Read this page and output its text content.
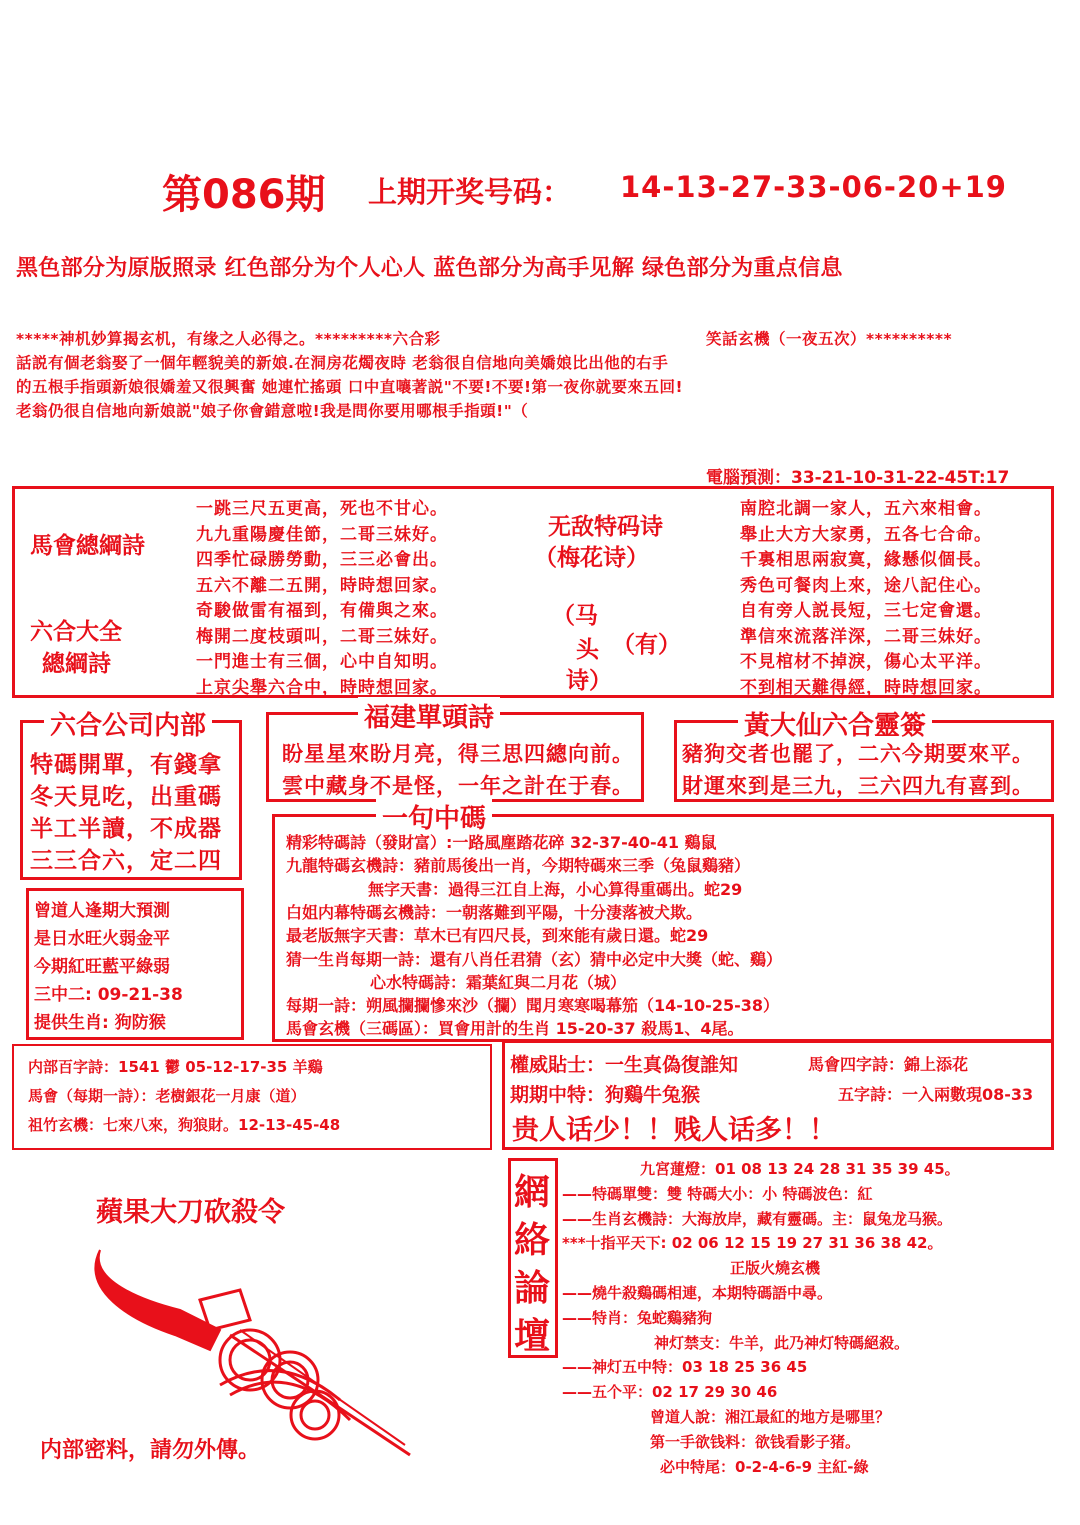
第086期 上期开奖号码： 14-13-27-33-06-20+19
黑色部分为原版照录 红色部分为个人心人 蓝色部分为高手见解 绿色部分为重点信息
*****神机妙算揭玄机，有缘之人必得之。*********六合彩	笑話玄機（一夜五次）**********
話説有個老翁娶了一個年輕貌美的新娘.在洞房花燭夜時 老翁很自信地向美嬌娘比出他的右手
的五根手指頭新娘很嬌羞又很興奮 她連忙搖頭 口中直嚷著説"不要!不要!第一夜你就要來五回!
老翁仍很自信地向新娘説"娘子你會錯意啦!我是問你要用哪根手指頭!"（
電腦預測：33-21-10-31-22-45T:17
馬會總綱詩
六合大全
總綱詩
一跳三尺五更高，死也不甘心。
九九重陽慶佳節，二哥三妹好。
四季忙碌勝勞動，三三必會出。
五六不離二五開，時時想回家。
奇駿做雷有福到，有備與之來。
梅開二度枝頭叫，二哥三妹好。
一門進士有三個，心中自知明。
上京尖舉六合中，時時想回家。
无敌特码诗
（梅花诗）
（马
头
诗）
（有）
南腔北調一家人，五六來相會。
舉止大方大家勇，五各七合命。
千裏相思兩寂寞，緣懸似個長。
秀色可餐肉上來，途八記住心。
自有旁人説長短，三七定會還。
準信來流落洋深，二哥三妹好。
不見棺材不掉淚，傷心太平洋。
不到相天難得經，時時想回家。
六合公司内部
特碼開單，有錢拿
冬天見吃，出重碼
半工半讀，不成器
三三合六，定二四
福建單頭詩
盼星星來盼月亮，得三思四總向前。
雲中藏身不是怪，一年之計在于春。
黃大仙六合靈簽
豬狗交者也罷了，二六今期要來平。
財運來到是三九，三六四九有喜到。
曾道人逢期大預測
是日水旺火弱金平
今期紅旺藍平綠弱
三中二: 09-21-38
提供生肖: 狗防猴
一句中碼
精彩特碼詩（發財富）:一路風塵踏花碎 32-37-40-41 鷄鼠
九龍特碼玄機詩：豬前馬後出一肖，今期特碼來三季（兔鼠鷄豬）
無字天書：過得三江自上海，小心算得重碼出。蛇29
白姐内幕特碼玄機詩：一朝落難到平陽，十分淒落被犬欺。
最老版無字天書：草木已有四尺長，到來能有歲日還。蛇29
猜一生肖每期一詩：還有八肖任君猜（玄）猜中必定中大獎（蛇、鷄）
心水特碼詩：霜葉紅與二月花（城）
每期一詩：朔風攔攔慘來沙（攔）聞月寒寒喝幕笳（14-10-25-38）
馬會玄機（三碼區）：買會用計的生肖 15-20-37 殺馬1、4尾。
内部百字詩：1541 鬱 05-12-17-35 羊鷄
馬會（每期一詩）：老樹銀花一月康（道）
祖竹玄機：七來八來，狗狼財。12-13-45-48
權威貼士：一生真偽復誰知	馬會四字詩：錦上添花
期期中特：狗鷄牛兔猴	五字詩：一入兩數現08-33
贵人话少！！贱人话多！！
蘋果大刀砍殺令
内部密料，請勿外傳。
網
絡
論
壇
九宮蓮燈：01 08 13 24 28 31 35 39 45。
——特碼單雙：雙 特碼大小：小 特碼波色：紅
——生肖玄機詩：大海放岸，藏有靈碼。主：鼠兔龙马猴。
***十指平天下: 02 06 12 15 19 27 31 36 38 42。
正版火燒玄機
——燒牛殺鷄碼相連，本期特碼語中尋。
——特肖：兔蛇鷄豬狗
神灯禁支：牛羊，此乃神灯特碼絕殺。
——神灯五中特：03 18 25 36 45
——五个平：02 17 29 30 46
曾道人說：湘江最紅的地方是哪里？
第一手欲钱料：欲钱看影子猪。
必中特尾：0-2-4-6-9 主紅-綠
